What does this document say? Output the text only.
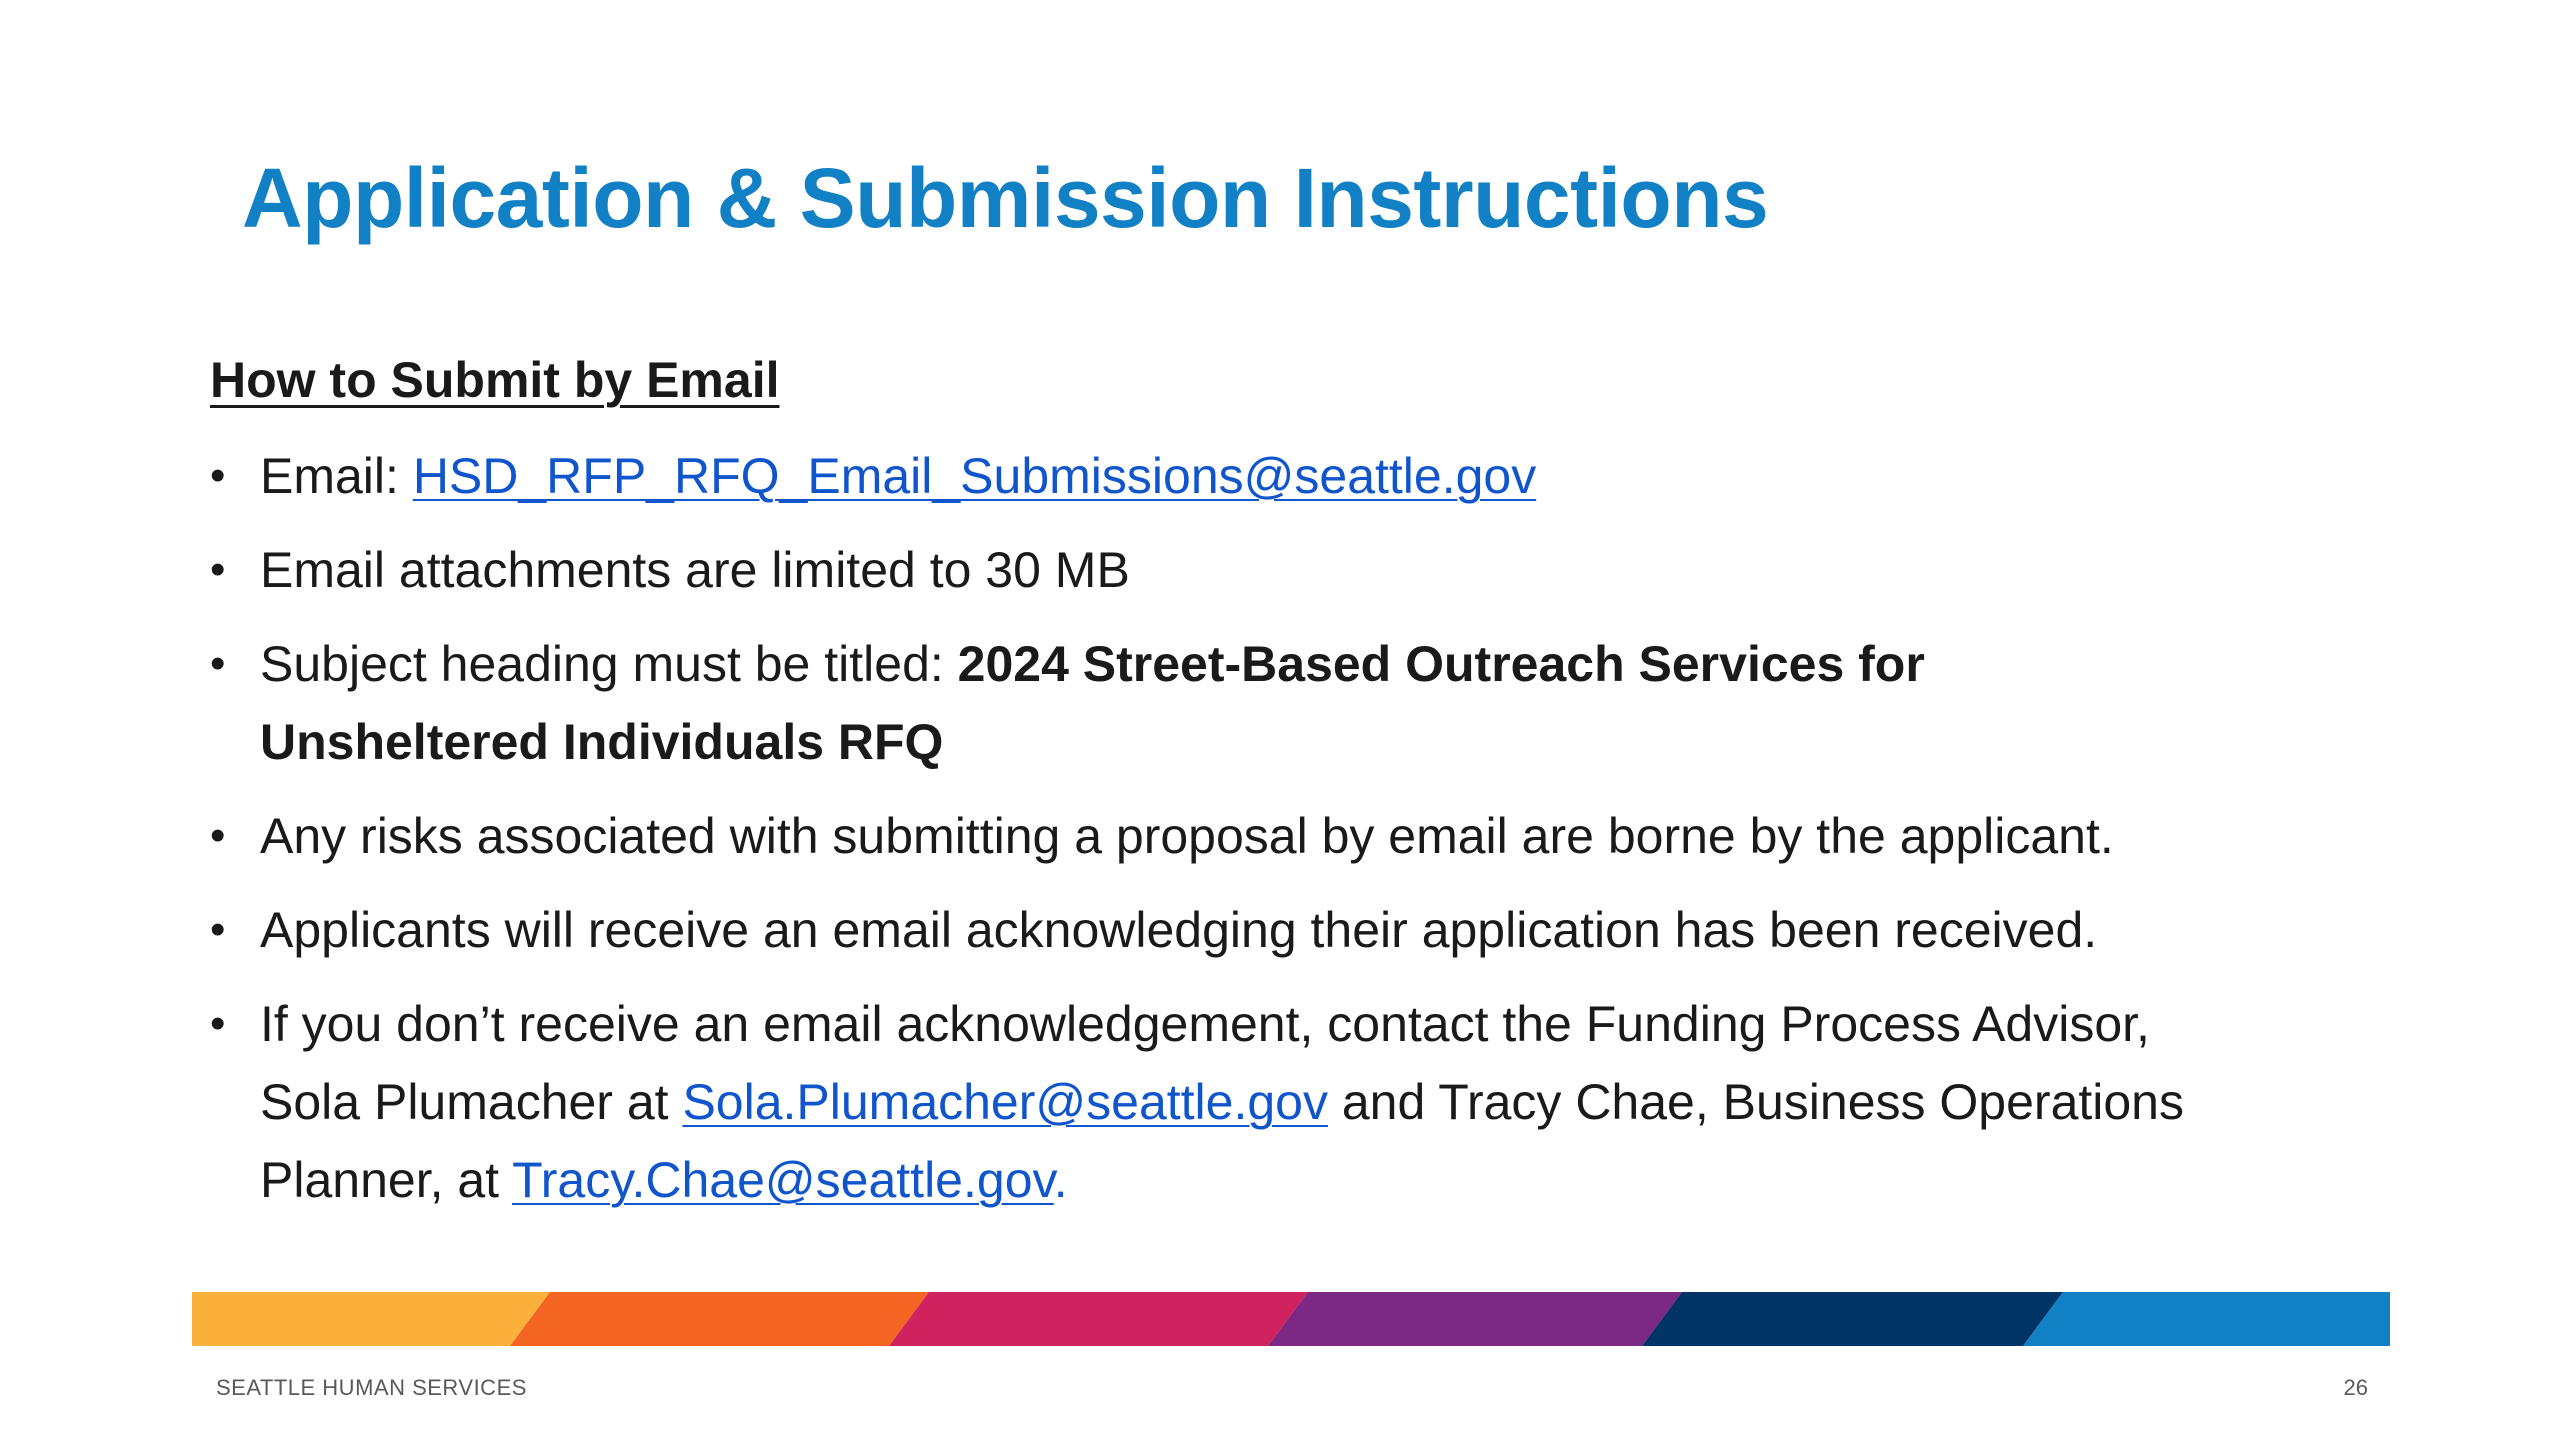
Application & Submission Instructions
How to Submit by Email
• Email: HSD_RFP_RFQ_Email_Submissions@seattle.gov
• Email attachments are limited to 30 MB
• Subject heading must be titled: 2024 Street-Based Outreach Services for
Unsheltered Individuals RFQ
• Any risks associated with submitting a proposal by email are borne by the applicant.
• Applicants will receive an email acknowledging their application has been received.
• If you don’t receive an email acknowledgement, contact the Funding Process Advisor,
Sola Plumacher at Sola.Plumacher@seattle.gov and Tracy Chae, Business Operations
Planner, at Tracy.Chae@seattle.gov.
SEATTLE HUMAN SERVICES	26
